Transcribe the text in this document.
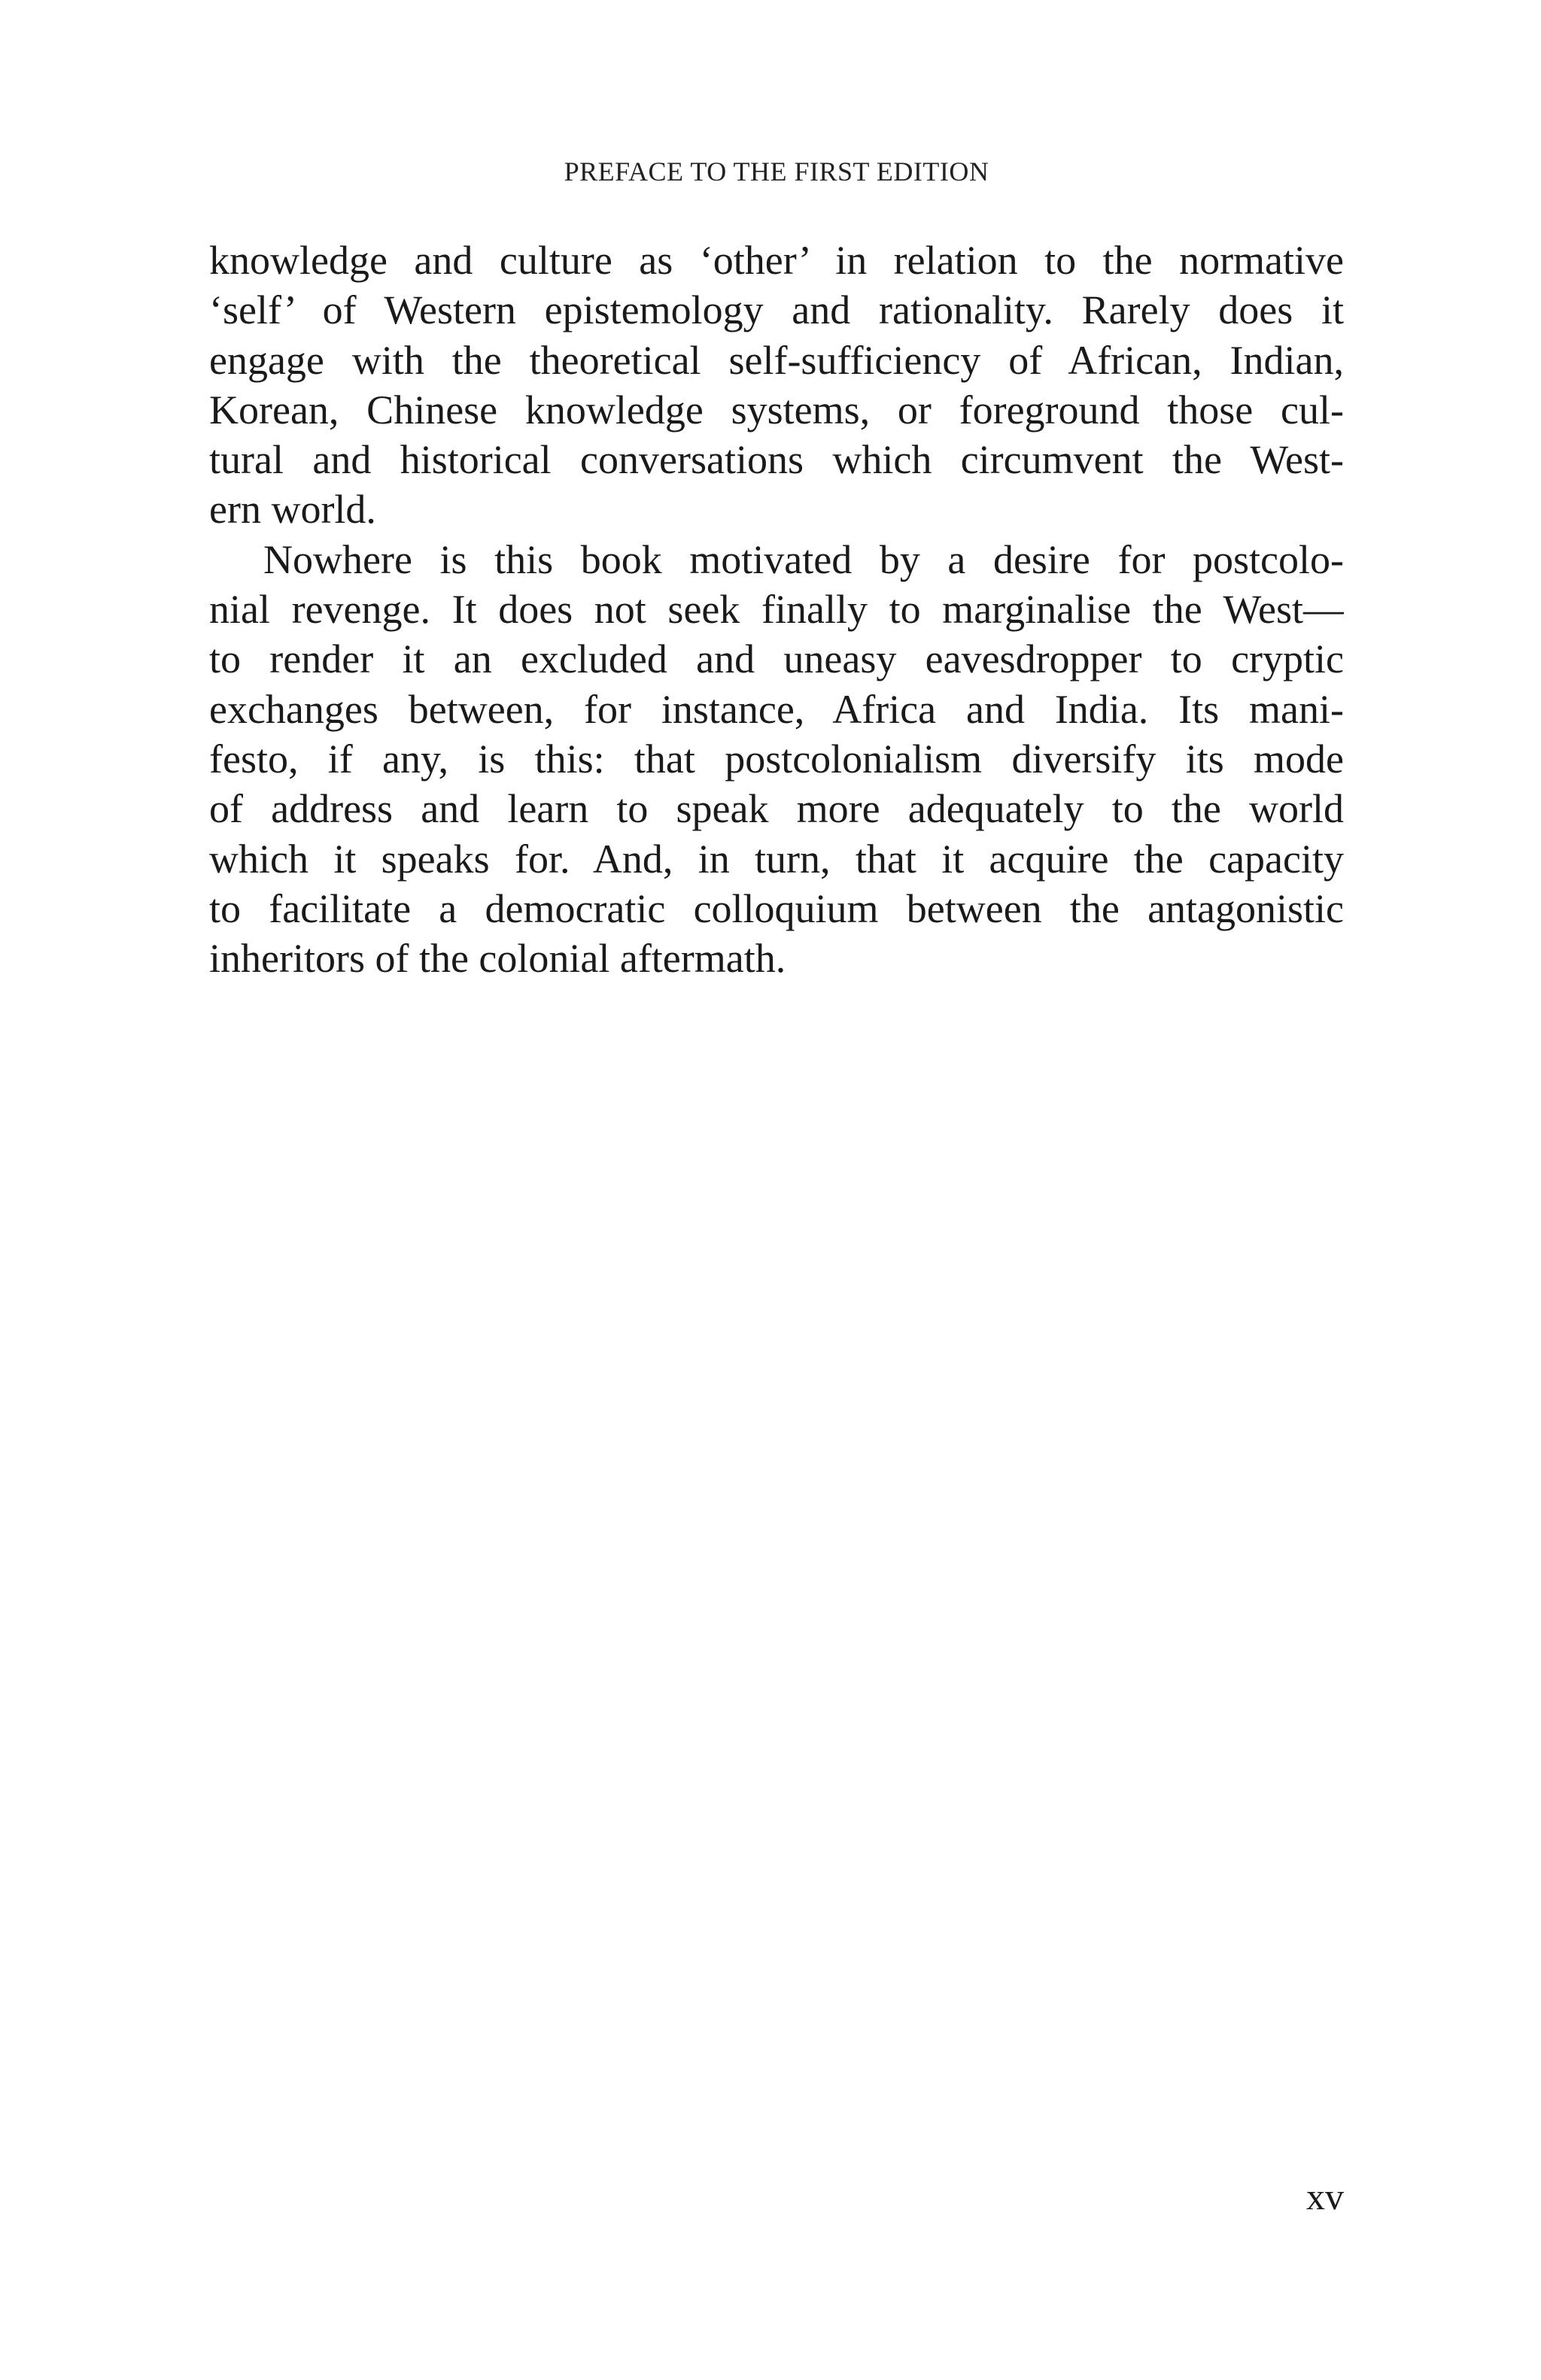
PREFACE TO THE FIRST EDITION
knowledge and culture as ‘other’ in relation to the normative
‘self’ of Western epistemology and rationality. Rarely does it
engage with the theoretical self-sufficiency of African, Indian,
Korean, Chinese knowledge systems, or foreground those cul-
tural and historical conversations which circumvent the West-
ern world.
Nowhere is this book motivated by a desire for postcolo-
nial revenge. It does not seek finally to marginalise the West—
to render it an excluded and uneasy eavesdropper to cryptic
exchanges between, for instance, Africa and India. Its mani-
festo, if any, is this: that postcolonialism diversify its mode
of address and learn to speak more adequately to the world
which it speaks for. And, in turn, that it acquire the capacity
to facilitate a democratic colloquium between the antagonistic
inheritors of the colonial aftermath.
xv
